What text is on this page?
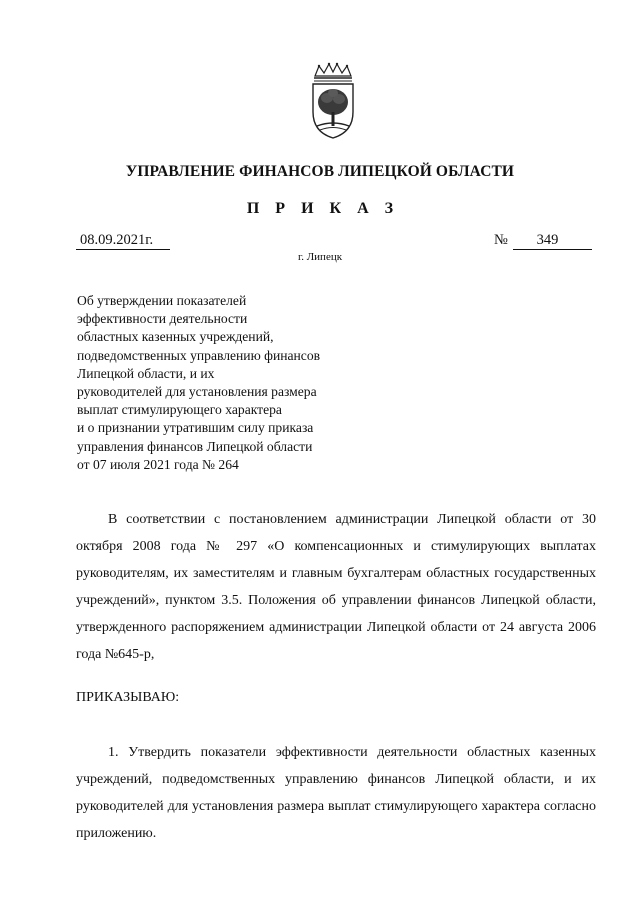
УПРАВЛЕНИЕ ФИНАНСОВ ЛИПЕЦКОЙ ОБЛАСТИ
П Р И К А З
08.09.2021г.	№	349
г. Липецк
Об утверждении показателей
эффективности деятельности
областных казенных учреждений,
подведомственных управлению финансов
Липецкой области, и их
руководителей для установления размера
выплат стимулирующего характера
и о признании утратившим силу приказа
управления финансов Липецкой области
от 07 июля 2021 года № 264
В соответствии с постановлением администрации Липецкой области от 30 октября 2008 года № 297 «О компенсационных и стимулирующих выплатах руководителям, их заместителям и главным бухгалтерам областных государственных учреждений», пунктом 3.5. Положения об управлении финансов Липецкой области, утвержденного распоряжением администрации Липецкой области от 24 августа 2006 года №645-р,
ПРИКАЗЫВАЮ:
1. Утвердить показатели эффективности деятельности областных казенных учреждений, подведомственных управлению финансов Липецкой области, и их руководителей для установления размера выплат стимулирующего характера согласно приложению.
